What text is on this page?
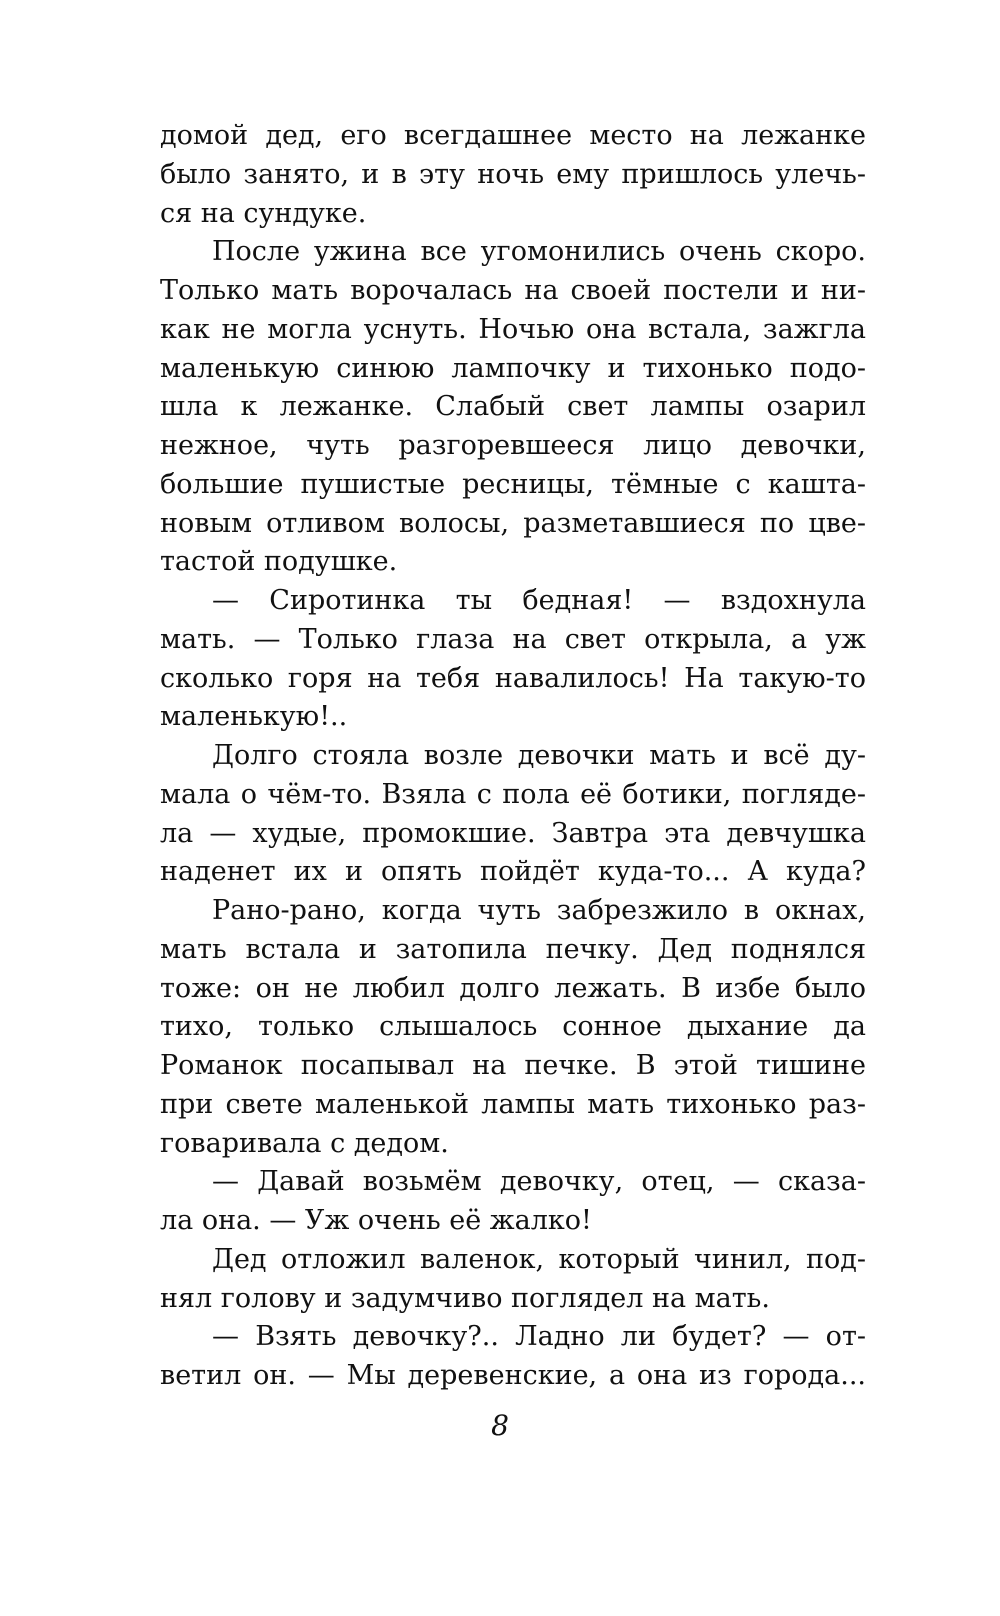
домой дед, его всегдашнее место на лежанке
было занято, и в эту ночь ему пришлось улечь-
ся на сундуке.
После ужина все угомонились очень скоро.
Только мать ворочалась на своей постели и ни-
как не могла уснуть. Ночью она встала, зажгла
маленькую синюю лампочку и тихонько подо-
шла к лежанке. Слабый свет лампы озарил
нежное, чуть разгоревшееся лицо девочки,
большие пушистые ресницы, тёмные с кашта-
новым отливом волосы, разметавшиеся по цве-
тастой подушке.
— Сиротинка ты бедная! — вздохнула
мать. — Только глаза на свет открыла, а уж
сколько горя на тебя навалилось! На такую-то
маленькую!..
Долго стояла возле девочки мать и всё ду-
мала о чём-то. Взяла с пола её ботики, погляде-
ла — худые, промокшие. Завтра эта девчушка
наденет их и опять пойдёт куда-то... А куда?
Рано-рано, когда чуть забрезжило в окнах,
мать встала и затопила печку. Дед поднялся
тоже: он не любил долго лежать. В избе было
тихо, только слышалось сонное дыхание да
Романок посапывал на печке. В этой тишине
при свете маленькой лампы мать тихонько раз-
говаривала с дедом.
— Давай возьмём девочку, отец, — сказа-
ла она. — Уж очень её жалко!
Дед отложил валенок, который чинил, под-
нял голову и задумчиво поглядел на мать.
— Взять девочку?.. Ладно ли будет? — от-
ветил он. — Мы деревенские, а она из города...
8
